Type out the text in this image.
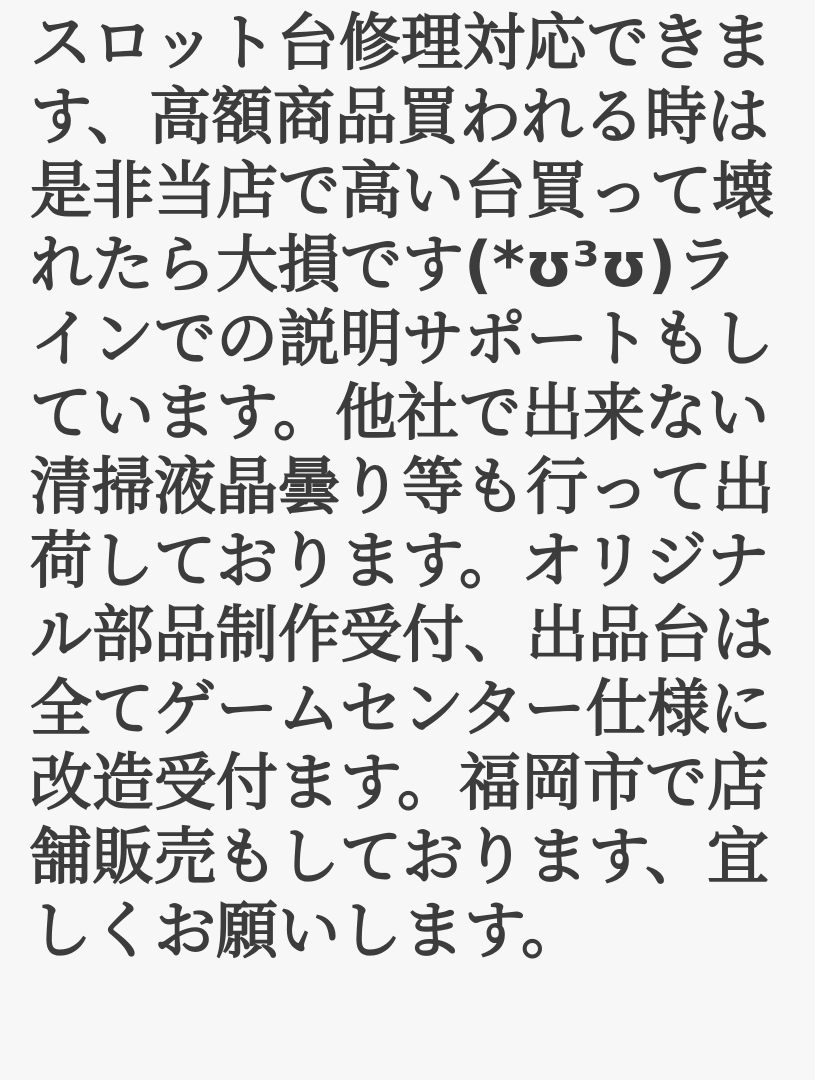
スロット台修理対応できます、高額商品買われる時は是非当店で高い台買って壊れたら大損です(*ʊ³ʊ)ラインでの説明サポートもしています。他社で出来ない清掃液晶曇り等も行って出荷しております。オリジナル部品制作受付、出品台は全てゲームセンター仕様に改造受付ます。福岡市で店舗販売もしております、宜しくお願いします。
